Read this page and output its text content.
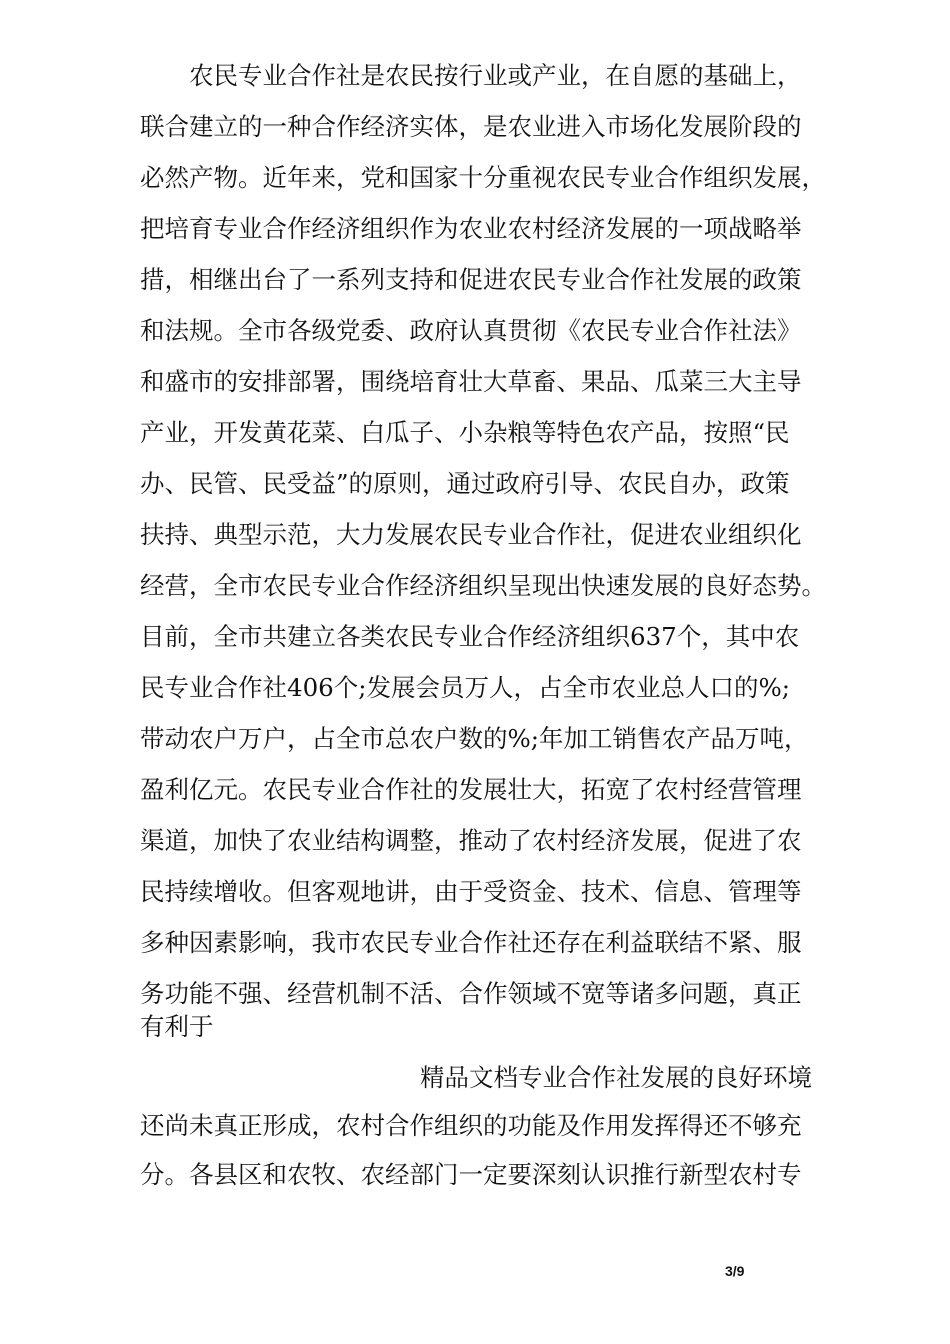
农民专业合作社是农民按行业或产业，在自愿的基础上，
联合建立的一种合作经济实体，是农业进入市场化发展阶段的
必然产物。近年来，党和国家十分重视农民专业合作组织发展，
把培育专业合作经济组织作为农业农村经济发展的一项战略举
措，相继出台了一系列支持和促进农民专业合作社发展的政策
和法规。全市各级党委、政府认真贯彻《农民专业合作社法》
和盛市的安排部署，围绕培育壮大草畜、果品、瓜菜三大主导
产业，开发黄花菜、白瓜子、小杂粮等特色农产品，按照“民
办、民管、民受益”的原则，通过政府引导、农民自办，政策
扶持、典型示范，大力发展农民专业合作社，促进农业组织化
经营，全市农民专业合作经济组织呈现出快速发展的良好态势。
目前，全市共建立各类农民专业合作经济组织637个，其中农
民专业合作社406个;发展会员万人，占全市农业总人口的%;
带动农户万户，占全市总农户数的%;年加工销售农产品万吨，
盈利亿元。农民专业合作社的发展壮大，拓宽了农村经营管理
渠道，加快了农业结构调整，推动了农村经济发展，促进了农
民持续增收。但客观地讲，由于受资金、技术、信息、管理等
多种因素影响，我市农民专业合作社还存在利益联结不紧、服
务功能不强、经营机制不活、合作领域不宽等诸多问题，真正
有利于
精品文档专业合作社发展的良好环境
还尚未真正形成，农村合作组织的功能及作用发挥得还不够充
分。各县区和农牧、农经部门一定要深刻认识推行新型农村专
3/9
